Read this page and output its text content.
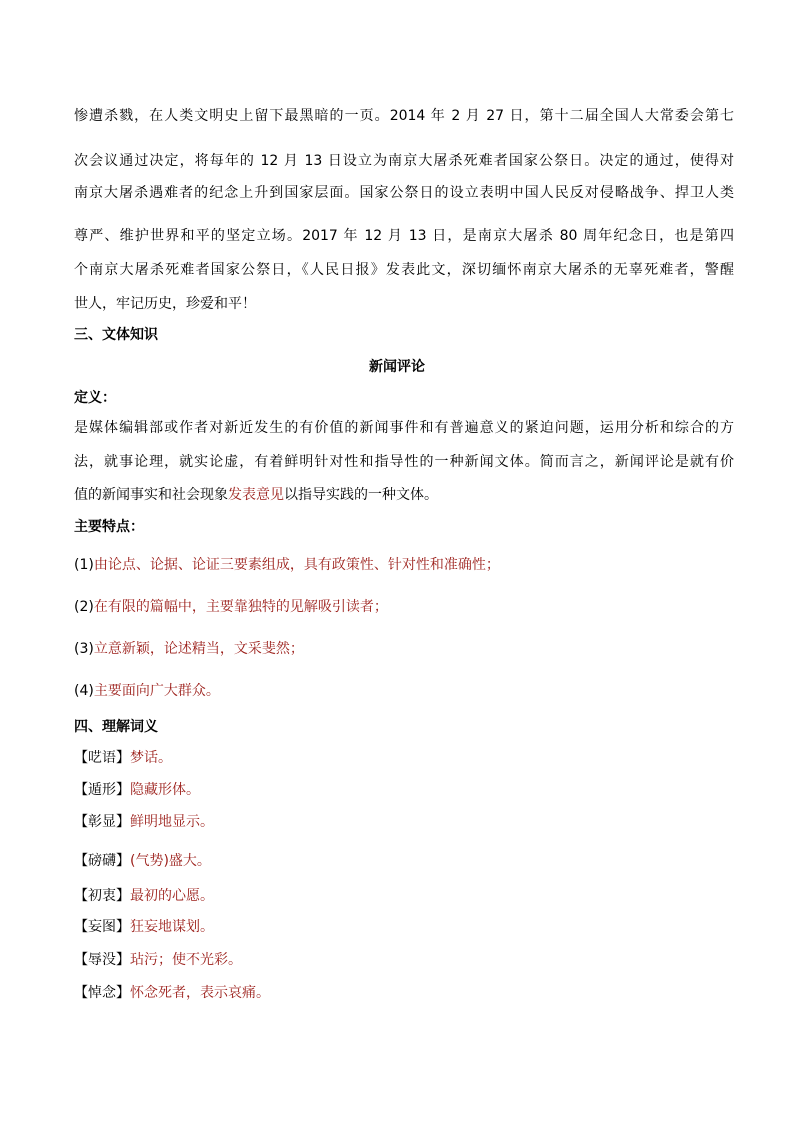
惨遭杀戮，在人类文明史上留下最黑暗的一页。2014 年 2 月 27 日，第十二届全国人大常委会第七
次会议通过决定，将每年的 12 月 13 日设立为南京大屠杀死难者国家公祭日。决定的通过，使得对
南京大屠杀遇难者的纪念上升到国家层面。国家公祭日的设立表明中国人民反对侵略战争、捍卫人类
尊严、维护世界和平的坚定立场。2017 年 12 月 13 日，是南京大屠杀 80 周年纪念日，也是第四
个南京大屠杀死难者国家公祭日，《人民日报》发表此文，深切缅怀南京大屠杀的无辜死难者，警醒
世人，牢记历史，珍爱和平！
三、文体知识
新闻评论
定义：
是媒体编辑部或作者对新近发生的有价值的新闻事件和有普遍意义的紧迫问题，运用分析和综合的方
法，就事论理，就实论虚，有着鲜明针对性和指导性的一种新闻文体。简而言之，新闻评论是就有价
值的新闻事实和社会现象发表意见以指导实践的一种文体。
主要特点：
(1)由论点、论据、论证三要素组成，具有政策性、针对性和准确性；
(2)在有限的篇幅中，主要靠独特的见解吸引读者；
(3)立意新颖，论述精当，文采斐然；
(4)主要面向广大群众。
四、理解词义
【呓语】梦话。
【遁形】隐藏形体。
【彰显】鲜明地显示。
【磅礴】(气势)盛大。
【初衷】最初的心愿。
【妄图】狂妄地谋划。
【辱没】玷污；使不光彩。
【悼念】怀念死者，表示哀痛。
